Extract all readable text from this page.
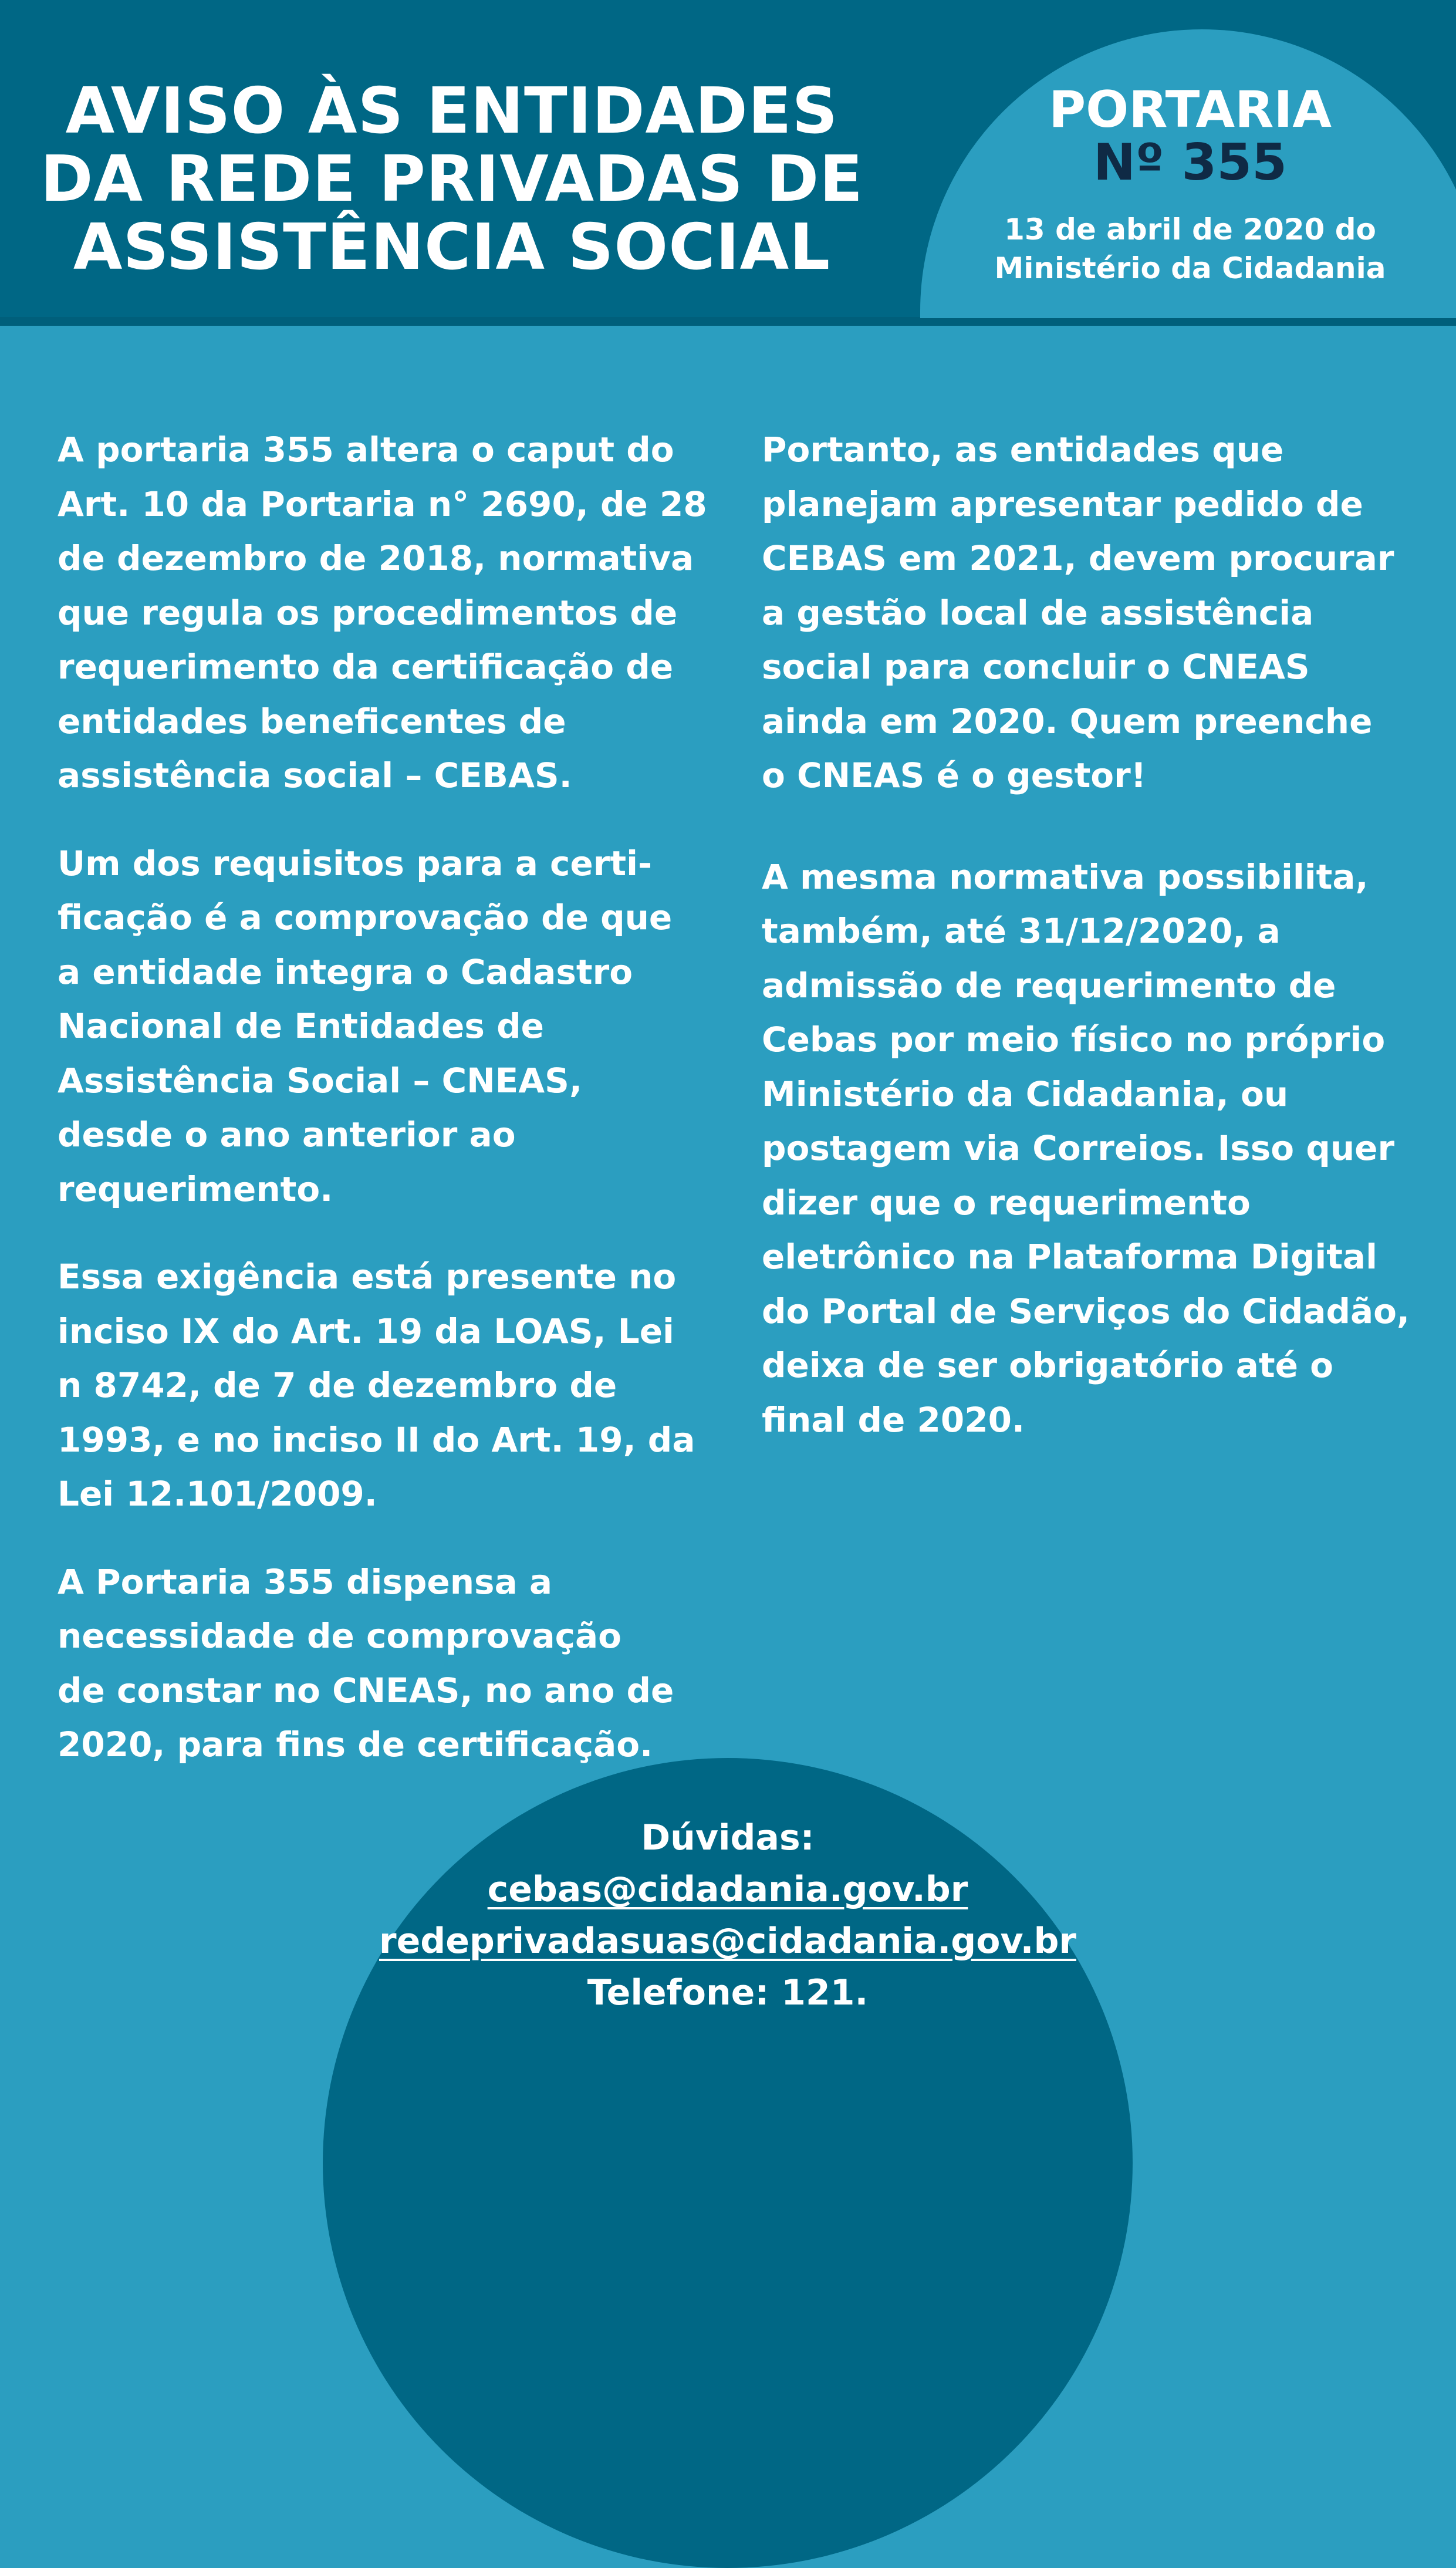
AVISO ÀS ENTIDADES
DA REDE PRIVADAS DE
ASSISTÊNCIA SOCIAL
PORTARIA
Nº 355
13 de abril de 2020 do
Ministério da Cidadania

A portaria 355 altera o caput do
Art. 10 da Portaria n° 2690, de 28
de dezembro de 2018, normativa
que regula os procedimentos de
requerimento da certificação de
entidades beneficentes de
assistência social – CEBAS.

Um dos requisitos para a certi-
ficação é a comprovação de que
a entidade integra o Cadastro
Nacional de Entidades de
Assistência Social – CNEAS,
desde o ano anterior ao
requerimento.

Essa exigência está presente no
inciso IX do Art. 19 da LOAS, Lei
n 8742, de 7 de dezembro de
1993, e no inciso II do Art. 19, da
Lei 12.101/2009.

A Portaria 355 dispensa a
necessidade de comprovação
de constar no CNEAS, no ano de
2020, para fins de certificação.

Portanto, as entidades que
planejam apresentar pedido de
CEBAS em 2021, devem procurar
a gestão local de assistência
social para concluir o CNEAS
ainda em 2020. Quem preenche
o CNEAS é o gestor!

A mesma normativa possibilita,
também, até 31/12/2020, a
admissão de requerimento de
Cebas por meio físico no próprio
Ministério da Cidadania, ou
postagem via Correios. Isso quer
dizer que o requerimento
eletrônico na Plataforma Digital
do Portal de Serviços do Cidadão,
deixa de ser obrigatório até o
final de 2020.

Dúvidas:
cebas@cidadania.gov.br
redeprivadasuas@cidadania.gov.br
Telefone: 121.
